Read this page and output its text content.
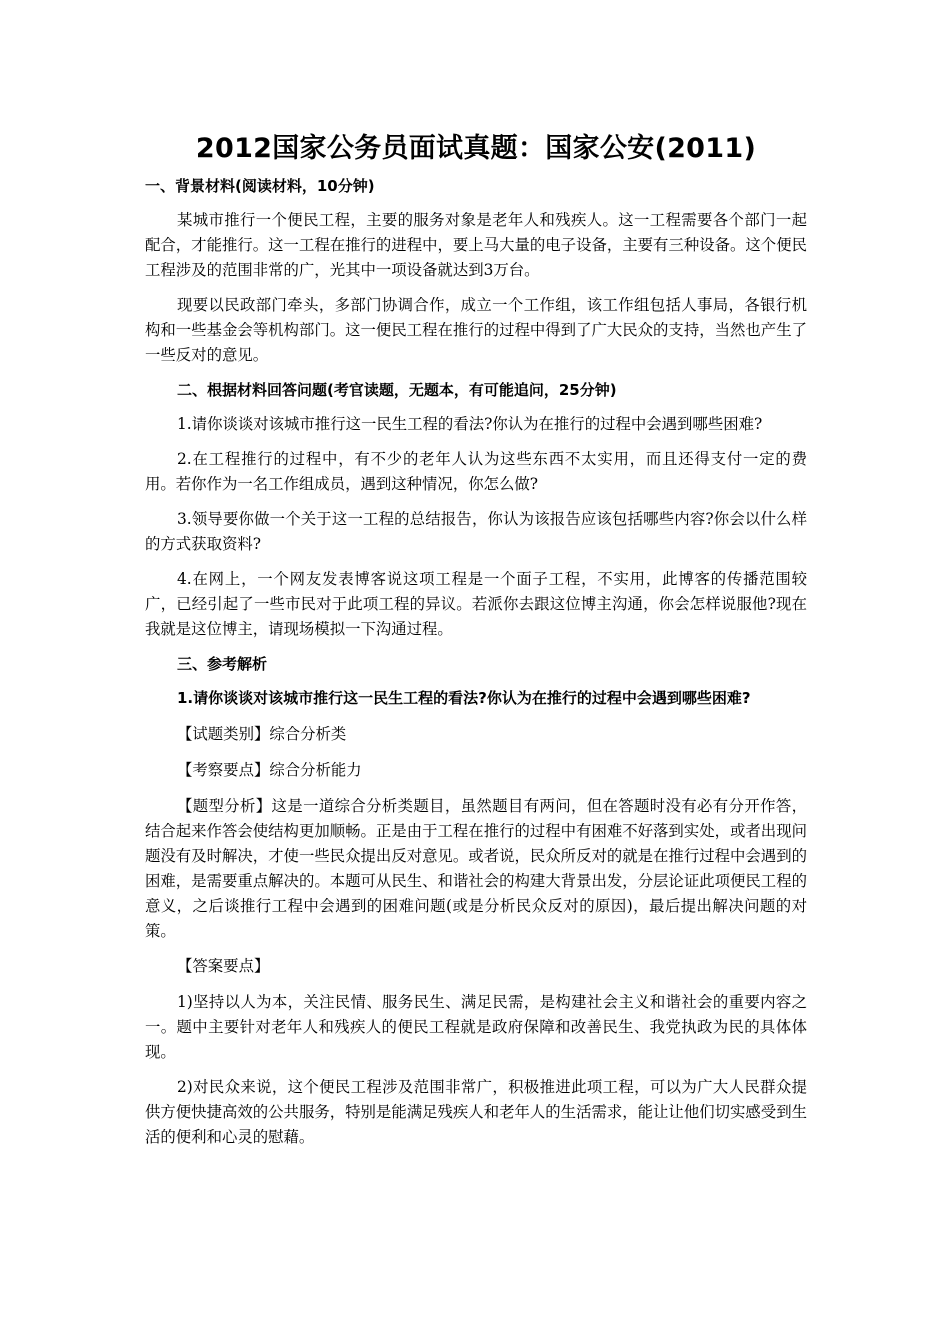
2012国家公务员面试真题：国家公安(2011)
一、背景材料(阅读材料，10分钟)
某城市推行一个便民工程，主要的服务对象是老年人和残疾人。这一工程需要各个部门一起配合，才能推行。这一工程在推行的进程中，要上马大量的电子设备，主要有三种设备。这个便民工程涉及的范围非常的广，光其中一项设备就达到3万台。
现要以民政部门牵头，多部门协调合作，成立一个工作组，该工作组包括人事局，各银行机构和一些基金会等机构部门。这一便民工程在推行的过程中得到了广大民众的支持，当然也产生了一些反对的意见。
二、根据材料回答问题(考官读题，无题本，有可能追问，25分钟)
1.请你谈谈对该城市推行这一民生工程的看法?你认为在推行的过程中会遇到哪些困难?
2.在工程推行的过程中，有不少的老年人认为这些东西不太实用，而且还得支付一定的费用。若你作为一名工作组成员，遇到这种情况，你怎么做?
3.领导要你做一个关于这一工程的总结报告，你认为该报告应该包括哪些内容?你会以什么样的方式获取资料?
4.在网上，一个网友发表博客说这项工程是一个面子工程，不实用，此博客的传播范围较广，已经引起了一些市民对于此项工程的异议。若派你去跟这位博主沟通，你会怎样说服他?现在我就是这位博主，请现场模拟一下沟通过程。
三、参考解析
1.请你谈谈对该城市推行这一民生工程的看法?你认为在推行的过程中会遇到哪些困难?
【试题类别】综合分析类
【考察要点】综合分析能力
【题型分析】这是一道综合分析类题目，虽然题目有两问，但在答题时没有必有分开作答，结合起来作答会使结构更加顺畅。正是由于工程在推行的过程中有困难不好落到实处，或者出现问题没有及时解决，才使一些民众提出反对意见。或者说，民众所反对的就是在推行过程中会遇到的困难，是需要重点解决的。本题可从民生、和谐社会的构建大背景出发，分层论证此项便民工程的意义，之后谈推行工程中会遇到的困难问题(或是分析民众反对的原因)，最后提出解决问题的对策。
【答案要点】
1)坚持以人为本，关注民情、服务民生、满足民需，是构建社会主义和谐社会的重要内容之一。题中主要针对老年人和残疾人的便民工程就是政府保障和改善民生、我党执政为民的具体体现。
2)对民众来说，这个便民工程涉及范围非常广，积极推进此项工程，可以为广大人民群众提供方便快捷高效的公共服务，特别是能满足残疾人和老年人的生活需求，能让让他们切实感受到生活的便利和心灵的慰藉。
